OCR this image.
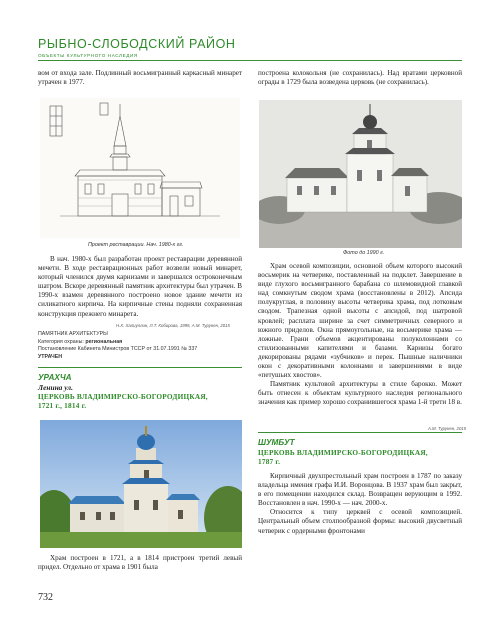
РЫБНО-СЛОБОДСКИЙ РАЙОН
ОБЪЕКТЫ КУЛЬТУРНОГО НАСЛЕДИЯ

вом от входа зале. Подлинный восьмигранный каркасный минарет утрачен в 1977.

Проект реставрации. Нач. 1980-х гг.

В нач. 1980-х был разработан проект реставрации деревянной мечети. В ходе реставрационных работ возвели новый минарет, который членился двумя карнизами и завершался остроконечным шатром. Вскоре деревянный памятник архитектуры был утрачен. В 1990-х взамен деревянного построено новое здание мечети из силикатного кирпича. На кирпичные стены подняли сохраненная конструкция прежнего минарета.

Н.Х. Халиуллин, Л.Т. Кобирова, 1999, А.М. Турунен, 2015
ПАМЯТНИК АРХИТЕКТУРЫ
Категория охраны: региональная
Постановление Кабинета Министров ТССР от 31.07.1991 № 337
УТРАЧЕН
УРАХЧА
Ленина ул.
ЦЕРКОВЬ ВЛАДИМИРСКО-БОГОРОДИЦКАЯ,
1721 г., 1814 г.

Храм построен в 1721, а в 1814 пристроен третий левый придел. Отдельно от храма в 1901 была

построена колокольня (не сохранилась). Над вратами церковной ограды в 1729 была возведена церковь (не сохранилась).

Фото до 1990 г.

Храм осевой композиции, основной объем которого высокий восьмерик на четверике, поставленный на подклет. Завершение в виде глухого восьмигранного барабана со шлемовидной главкой над сомкнутым сводом храма (восстановлены в 2012). Апсида полукруглая, в половину высоты четверика храма, под лотковым сводом. Трапезная одной высоты с апсидой, под шатровой кровлей; расплата ширине за счет симметричных северного и южного приделов. Окна прямоугольные, на восьмерике храма — ложные. Грани объемов акцентированы полуколоннами со стилизованными капителями и базами. Карнизы богато декорированы рядами «зубчиков» и перек. Пышные наличники окон с декоративными колоннами и завершениями в виде «петушьих хвостов».

Памятник культовой архитектуры в стиле барокко. Может быть отнесен к объектам культурного наследия регионального значения как пример хорошо сохранившегося храма 1-й трети 18 в.

А.М. Турунен, 2015
ШУМБУТ
ЦЕРКОВЬ ВЛАДИМИРСКО-БОГОРОДИЦКАЯ,
1787 г.

Кирпичный двухпрестольный храм построен в 1787 по заказу владельца имения графа И.И. Воронцова. В 1937 храм был закрыт, в его помещении находился склад. Возвращен верующим в 1992. Восстановлен в нач. 1990-х — нач. 2000-х.

Относится к типу церквей с осевой композицией. Центральный объем столпообразной формы: высокий двусветный четверик с ордерными фронтонами

732
